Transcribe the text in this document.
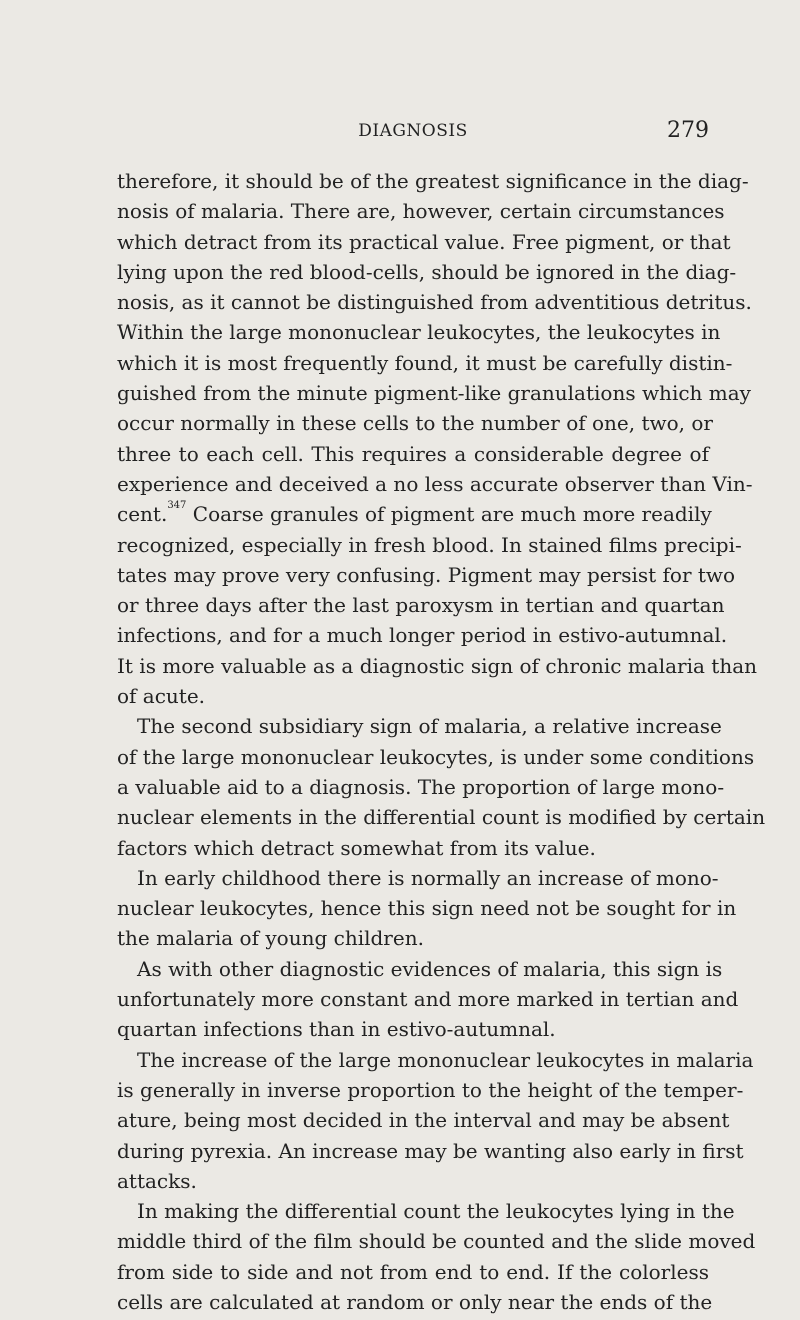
DIAGNOSIS	279
therefore, it should be of the greatest significance in the diag-
nosis of malaria. There are, however, certain circumstances
which detract from its practical value. Free pigment, or that
lying upon the red blood-cells, should be ignored in the diag-
nosis, as it cannot be distinguished from adventitious detritus.
Within the large mononuclear leukocytes, the leukocytes in
which it is most frequently found, it must be carefully distin-
guished from the minute pigment-like granulations which may
occur normally in these cells to the number of one, two, or
three to each cell. This requires a considerable degree of
experience and deceived a no less accurate observer than Vin-
cent.$^{347}$ Coarse granules of pigment are much more readily
recognized, especially in fresh blood. In stained films precipi-
tates may prove very confusing. Pigment may persist for two
or three days after the last paroxysm in tertian and quartan
infections, and for a much longer period in estivo-autumnal.
It is more valuable as a diagnostic sign of chronic malaria than
of acute.
The second subsidiary sign of malaria, a relative increase
of the large mononuclear leukocytes, is under some conditions
a valuable aid to a diagnosis. The proportion of large mono-
nuclear elements in the differential count is modified by certain
factors which detract somewhat from its value.
In early childhood there is normally an increase of mono-
nuclear leukocytes, hence this sign need not be sought for in
the malaria of young children.
As with other diagnostic evidences of malaria, this sign is
unfortunately more constant and more marked in tertian and
quartan infections than in estivo-autumnal.
The increase of the large mononuclear leukocytes in malaria
is generally in inverse proportion to the height of the temper-
ature, being most decided in the interval and may be absent
during pyrexia. An increase may be wanting also early in first
attacks.
In making the differential count the leukocytes lying in the
middle third of the film should be counted and the slide moved
from side to side and not from end to end. If the colorless
cells are calculated at random or only near the ends of the
